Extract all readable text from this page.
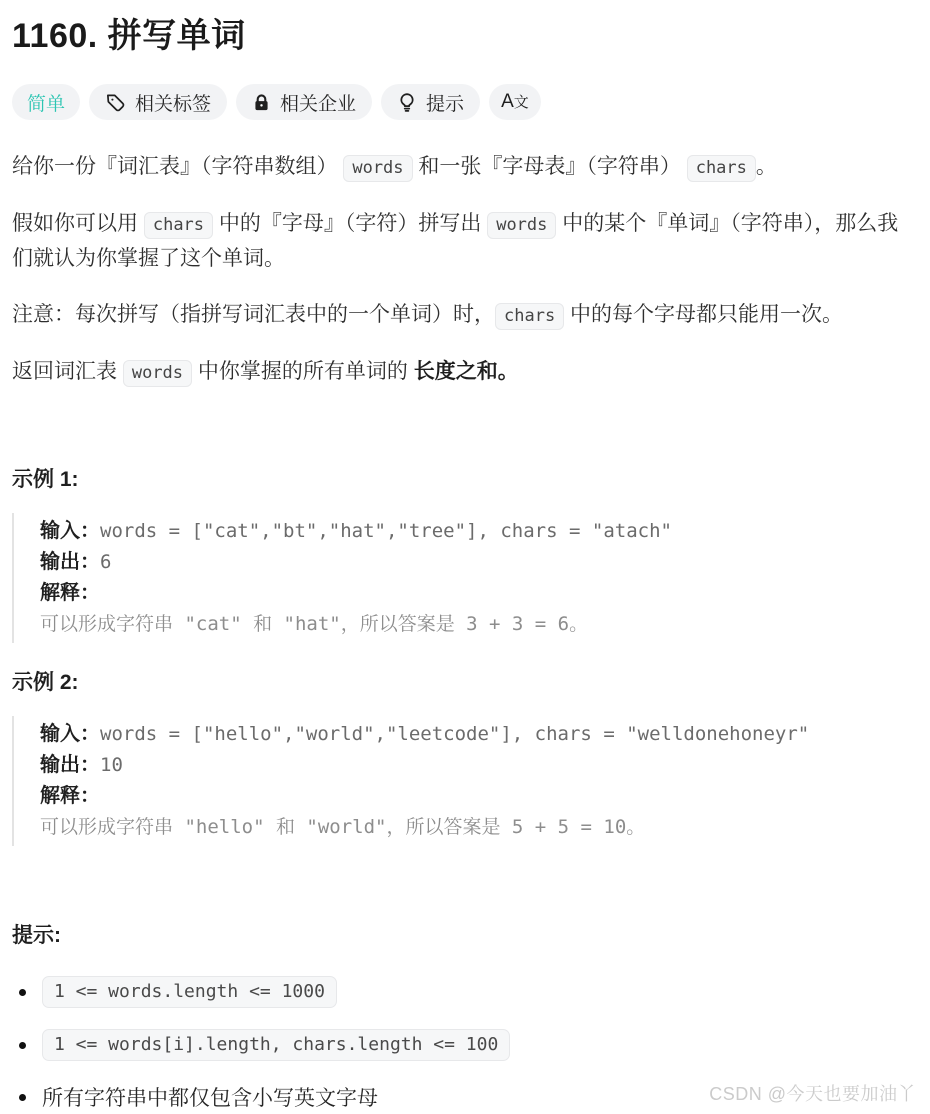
1160. 拼写单词
简单	相关标签	相关企业	提示 A文

给你一份『词汇表』（字符串数组） words 和一张『字母表』（字符串） chars 。

假如你可以用 chars 中的『字母』（字符）拼写出 words 中的某个『单词』（字符串），那么我们就认为你掌握了这个单词。

注意：每次拼写（指拼写词汇表中的一个单词）时， chars 中的每个字母都只能用一次。

返回词汇表 words 中你掌握的所有单词的 长度之和。

示例 1:
输入：words = ["cat","bt","hat","tree"], chars = "atach"
输出：6
解释：
可以形成字符串 "cat" 和 "hat"，所以答案是 3 + 3 = 6。
示例 2:
输入：words = ["hello","world","leetcode"], chars = "welldonehoneyr"
输出：10
解释：
可以形成字符串 "hello" 和 "world"，所以答案是 5 + 5 = 10。
提示:
1 <= words.length <= 1000
1 <= words[i].length, chars.length <= 100
所有字符串中都仅包含小写英文字母	CSDN @今天也要加油丫
